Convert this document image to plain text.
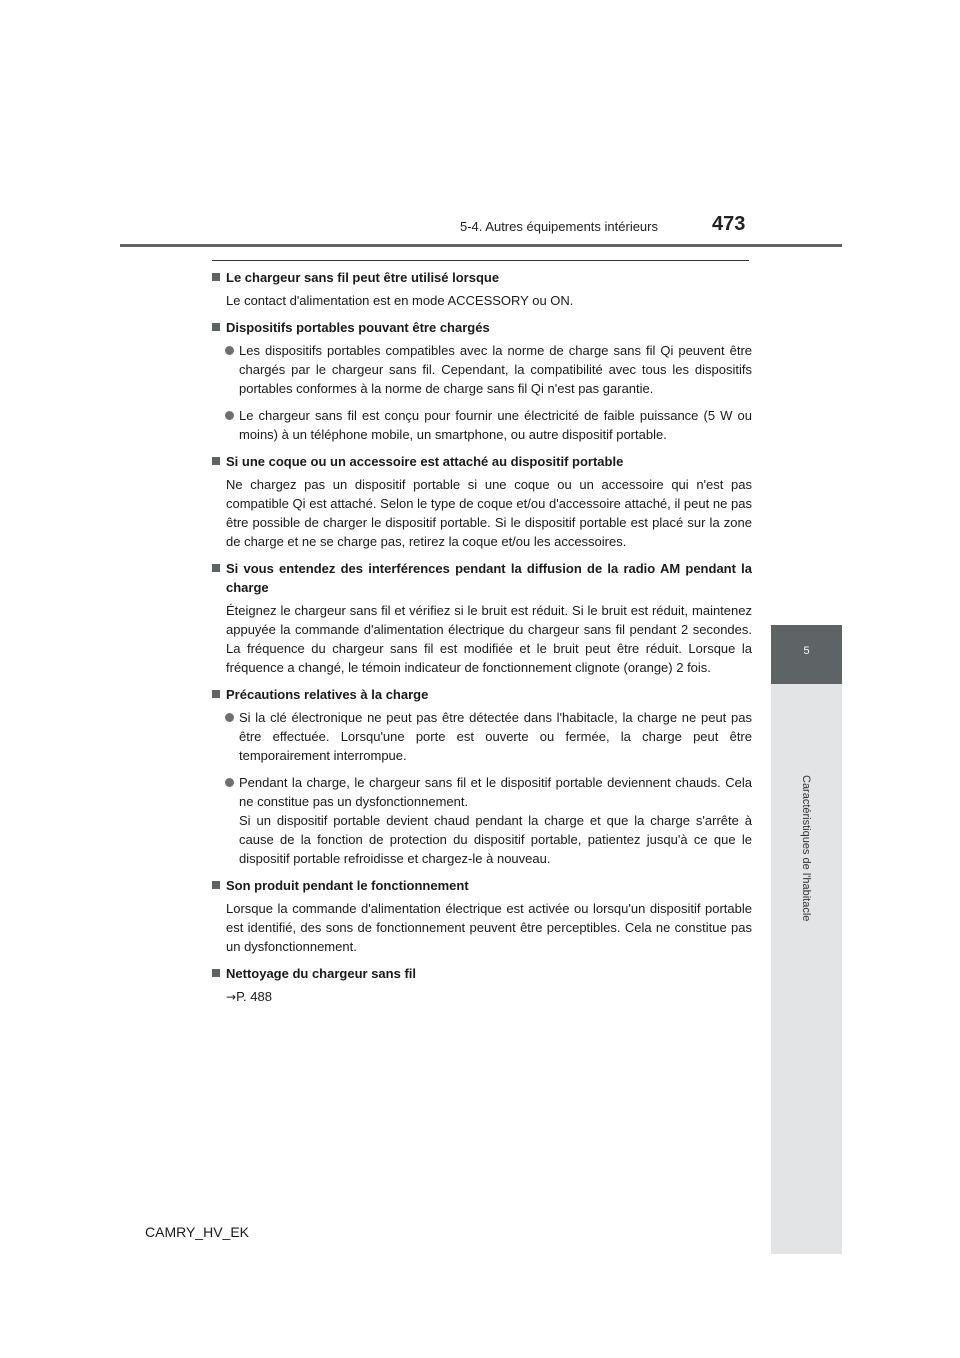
5-4. Autres équipements intérieurs	473
Le chargeur sans fil peut être utilisé lorsque
Le contact d'alimentation est en mode ACCESSORY ou ON.
Dispositifs portables pouvant être chargés
Les dispositifs portables compatibles avec la norme de charge sans fil Qi peuvent être chargés par le chargeur sans fil. Cependant, la compatibilité avec tous les dispositifs portables conformes à la norme de charge sans fil Qi n'est pas garantie.
Le chargeur sans fil est conçu pour fournir une électricité de faible puissance (5 W ou moins) à un téléphone mobile, un smartphone, ou autre dispositif portable.
Si une coque ou un accessoire est attaché au dispositif portable
Ne chargez pas un dispositif portable si une coque ou un accessoire qui n'est pas compatible Qi est attaché. Selon le type de coque et/ou d'accessoire attaché, il peut ne pas être possible de charger le dispositif portable. Si le dispositif portable est placé sur la zone de charge et ne se charge pas, retirez la coque et/ou les accessoires.
Si vous entendez des interférences pendant la diffusion de la radio AM pendant la charge
Éteignez le chargeur sans fil et vérifiez si le bruit est réduit. Si le bruit est réduit, maintenez appuyée la commande d'alimentation électrique du chargeur sans fil pendant 2 secondes. La fréquence du chargeur sans fil est modifiée et le bruit peut être réduit. Lorsque la fréquence a changé, le témoin indicateur de fonctionnement clignote (orange) 2 fois.
Précautions relatives à la charge
Si la clé électronique ne peut pas être détectée dans l'habitacle, la charge ne peut pas être effectuée. Lorsqu'une porte est ouverte ou fermée, la charge peut être temporairement interrompue.
Pendant la charge, le chargeur sans fil et le dispositif portable deviennent chauds. Cela ne constitue pas un dysfonctionnement.
Si un dispositif portable devient chaud pendant la charge et que la charge s'arrête à cause de la fonction de protection du dispositif portable, patientez jusqu'à ce que le dispositif portable refroidisse et chargez-le à nouveau.
Son produit pendant le fonctionnement
Lorsque la commande d'alimentation électrique est activée ou lorsqu'un dispositif portable est identifié, des sons de fonctionnement peuvent être perceptibles. Cela ne constitue pas un dysfonctionnement.
Nettoyage du chargeur sans fil
→P. 488
5
Caractéristiques de l'habitacle
CAMRY_HV_EK
